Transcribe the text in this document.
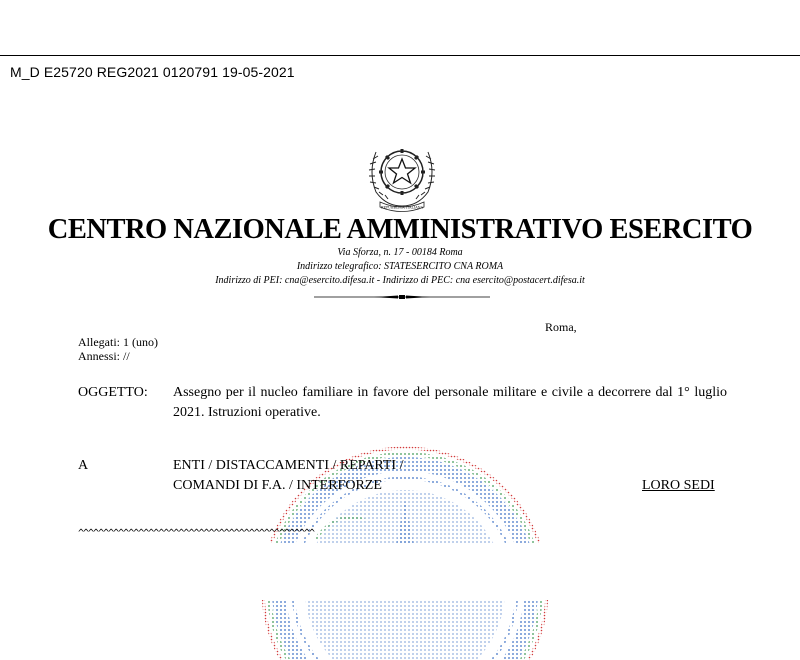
M_D E25720 REG2021 0120791 19-05-2021
REPUBBLICA ITALIANA
CENTRO NAZIONALE AMMINISTRATIVO ESERCITO
Via Sforza, n. 17 - 00184 Roma
Indirizzo telegrafico: STATESERCITO CNA ROMA
Indirizzo di PEI: cna@esercito.difesa.it - Indirizzo di PEC: cna esercito@postacert.difesa.it
Roma,
Allegati: 1 (uno)
Annessi: //
OGGETTO: Assegno per il nucleo familiare in favore del personale militare e civile a decorrere dal 1° luglio 2021. Istruzioni operative.
A	ENTI / DISTACCAMENTI / REPARTI /
COMANDI DI F.A. / INTERFORZE	LORO SEDI
^^^^^^^^^^^^^^^^^^^^^^^^^^^^^^^^^^^^^^^^^^^^^^^
